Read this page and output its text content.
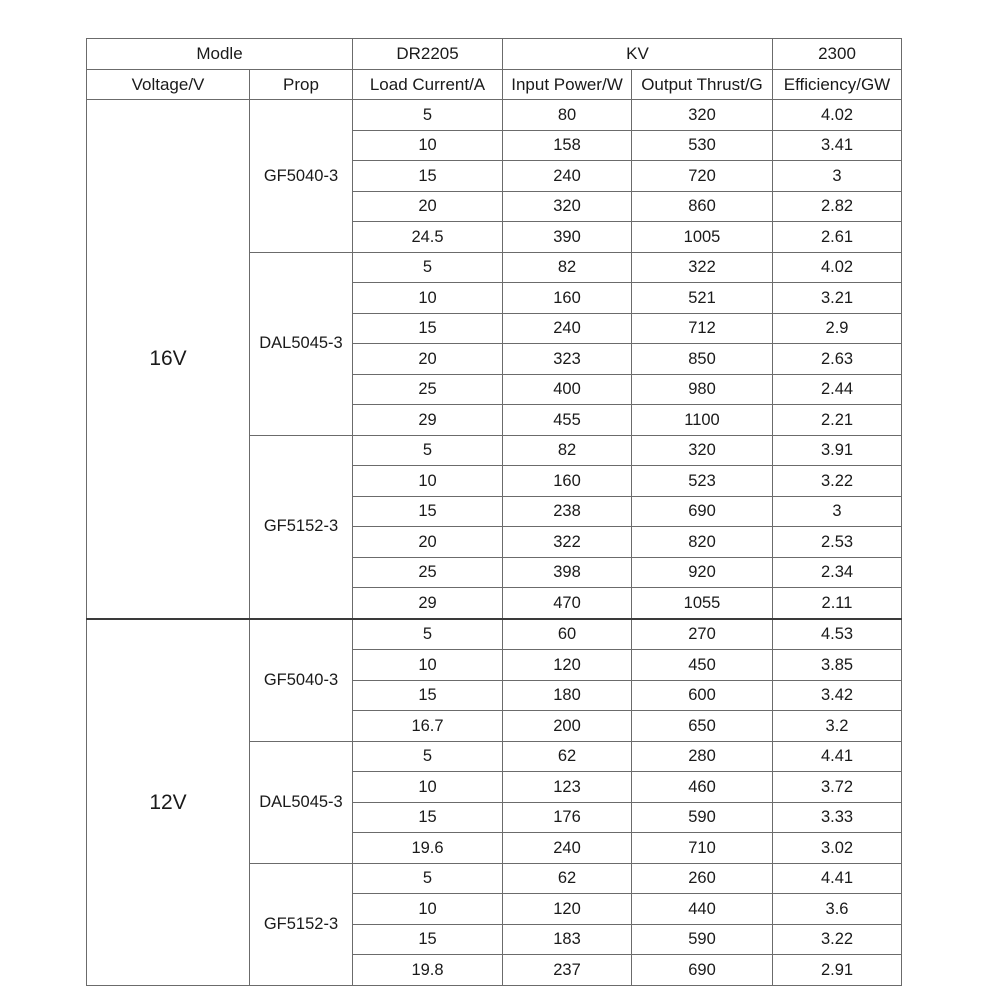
Modle		DR2205	KV		2300
Voltage/V	Prop	Load Current/A	Input Power/W	Output Thrust/G	Efficiency/GW
16V	GF5040-3	5	80	320	4.02
		10	158	530	3.41
		15	240	720	3
		20	320	860	2.82
		24.5	390	1005	2.61
	DAL5045-3	5	82	322	4.02
		10	160	521	3.21
		15	240	712	2.9
		20	323	850	2.63
		25	400	980	2.44
		29	455	1100	2.21
	GF5152-3	5	82	320	3.91
		10	160	523	3.22
		15	238	690	3
		20	322	820	2.53
		25	398	920	2.34
		29	470	1055	2.11
12V	GF5040-3	5	60	270	4.53
		10	120	450	3.85
		15	180	600	3.42
		16.7	200	650	3.2
	DAL5045-3	5	62	280	4.41
		10	123	460	3.72
		15	176	590	3.33
		19.6	240	710	3.02
	GF5152-3	5	62	260	4.41
		10	120	440	3.6
		15	183	590	3.22
		19.8	237	690	2.91
